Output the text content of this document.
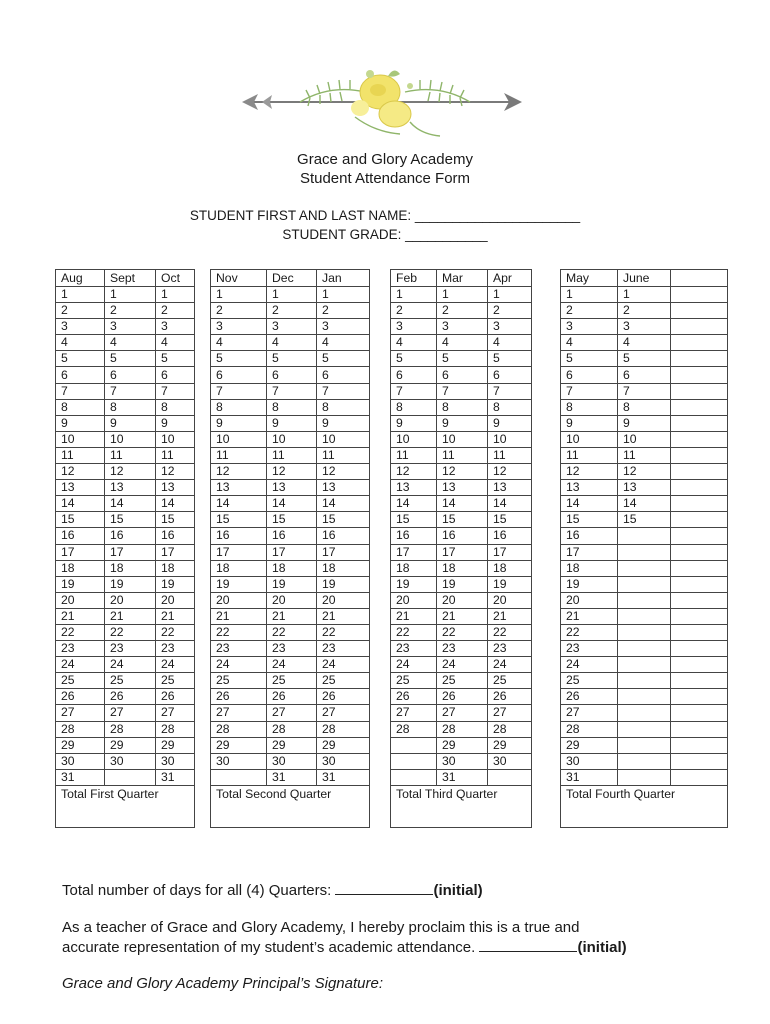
Grace and Glory Academy
Student Attendance Form
STUDENT FIRST AND LAST NAME: ______________________
STUDENT GRADE: ___________
Aug	Sept	Oct
1	1	1
2	2	2
3	3	3
4	4	4
5	5	5
6	6	6
7	7	7
8	8	8
9	9	9
10	10	10
11	11	11
12	12	12
13	13	13
14	14	14
15	15	15
16	16	16
17	17	17
18	18	18
19	19	19
20	20	20
21	21	21
22	22	22
23	23	23
24	24	24
25	25	25
26	26	26
27	27	27
28	28	28
29	29	29
30	30	30
31		31
Total First Quarter		
Nov	Dec	Jan
1	1	1
2	2	2
3	3	3
4	4	4
5	5	5
6	6	6
7	7	7
8	8	8
9	9	9
10	10	10
11	11	11
12	12	12
13	13	13
14	14	14
15	15	15
16	16	16
17	17	17
18	18	18
19	19	19
20	20	20
21	21	21
22	22	22
23	23	23
24	24	24
25	25	25
26	26	26
27	27	27
28	28	28
29	29	29
30	30	30
	31	31
Total Second Quarter		
Feb	Mar	Apr
1	1	1
2	2	2
3	3	3
4	4	4
5	5	5
6	6	6
7	7	7
8	8	8
9	9	9
10	10	10
11	11	11
12	12	12
13	13	13
14	14	14
15	15	15
16	16	16
17	17	17
18	18	18
19	19	19
20	20	20
21	21	21
22	22	22
23	23	23
24	24	24
25	25	25
26	26	26
27	27	27
28	28	28
	29	29
	30	30
	31	
Total Third Quarter		
May	June	
1	1	
2	2	
3	3	
4	4	
5	5	
6	6	
7	7	
8	8	
9	9	
10	10	
11	11	
12	12	
13	13	
14	14	
15	15	
16		
17		
18		
19		
20		
21		
22		
23		
24		
25		
26		
27		
28		
29		
30		
31		
Total Fourth Quarter		
Total number of days for all (4) Quarters:	(initial)
As a teacher of Grace and Glory Academy, I hereby proclaim this is a true and
accurate representation of my student’s academic attendance.	(initial)
Grace and Glory Academy Principal’s Signature:
